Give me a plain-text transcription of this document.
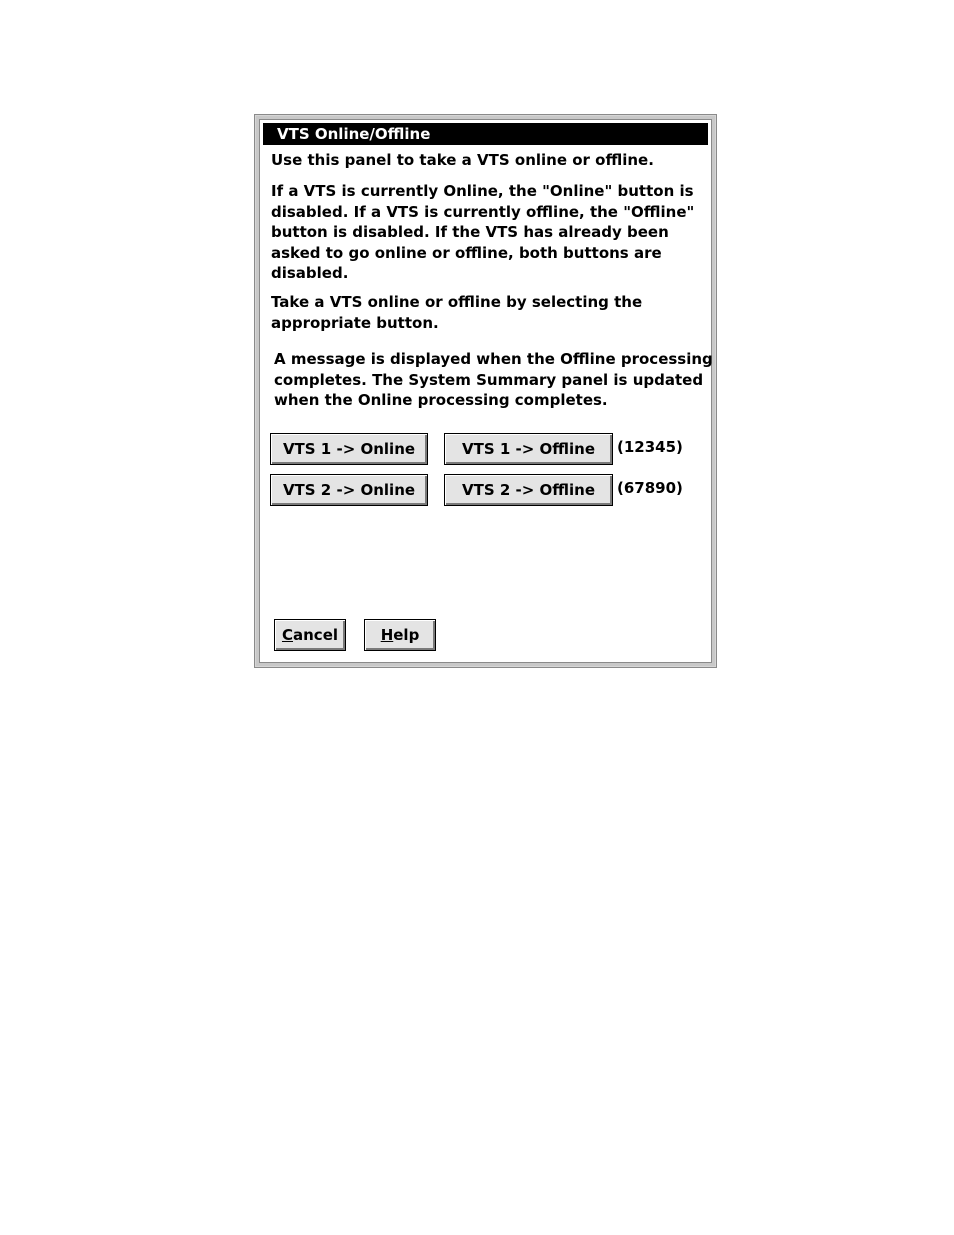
VTS Online/Offline
Use this panel to take a VTS online or offline.
If a VTS is currently Online, the "Online" button is
disabled. If a VTS is currently offline, the "Offline"
button is disabled. If the VTS has already been
asked to go online or offline, both buttons are
disabled.
Take a VTS online or offline by selecting the
appropriate button.
A message is displayed when the Offline processing
completes. The System Summary panel is updated
when the Online processing completes.
VTS 1 -> Online	VTS 1 -> Offline	(12345)
VTS 2 -> Online	VTS 2 -> Offline	(67890)
Cancel	Help
